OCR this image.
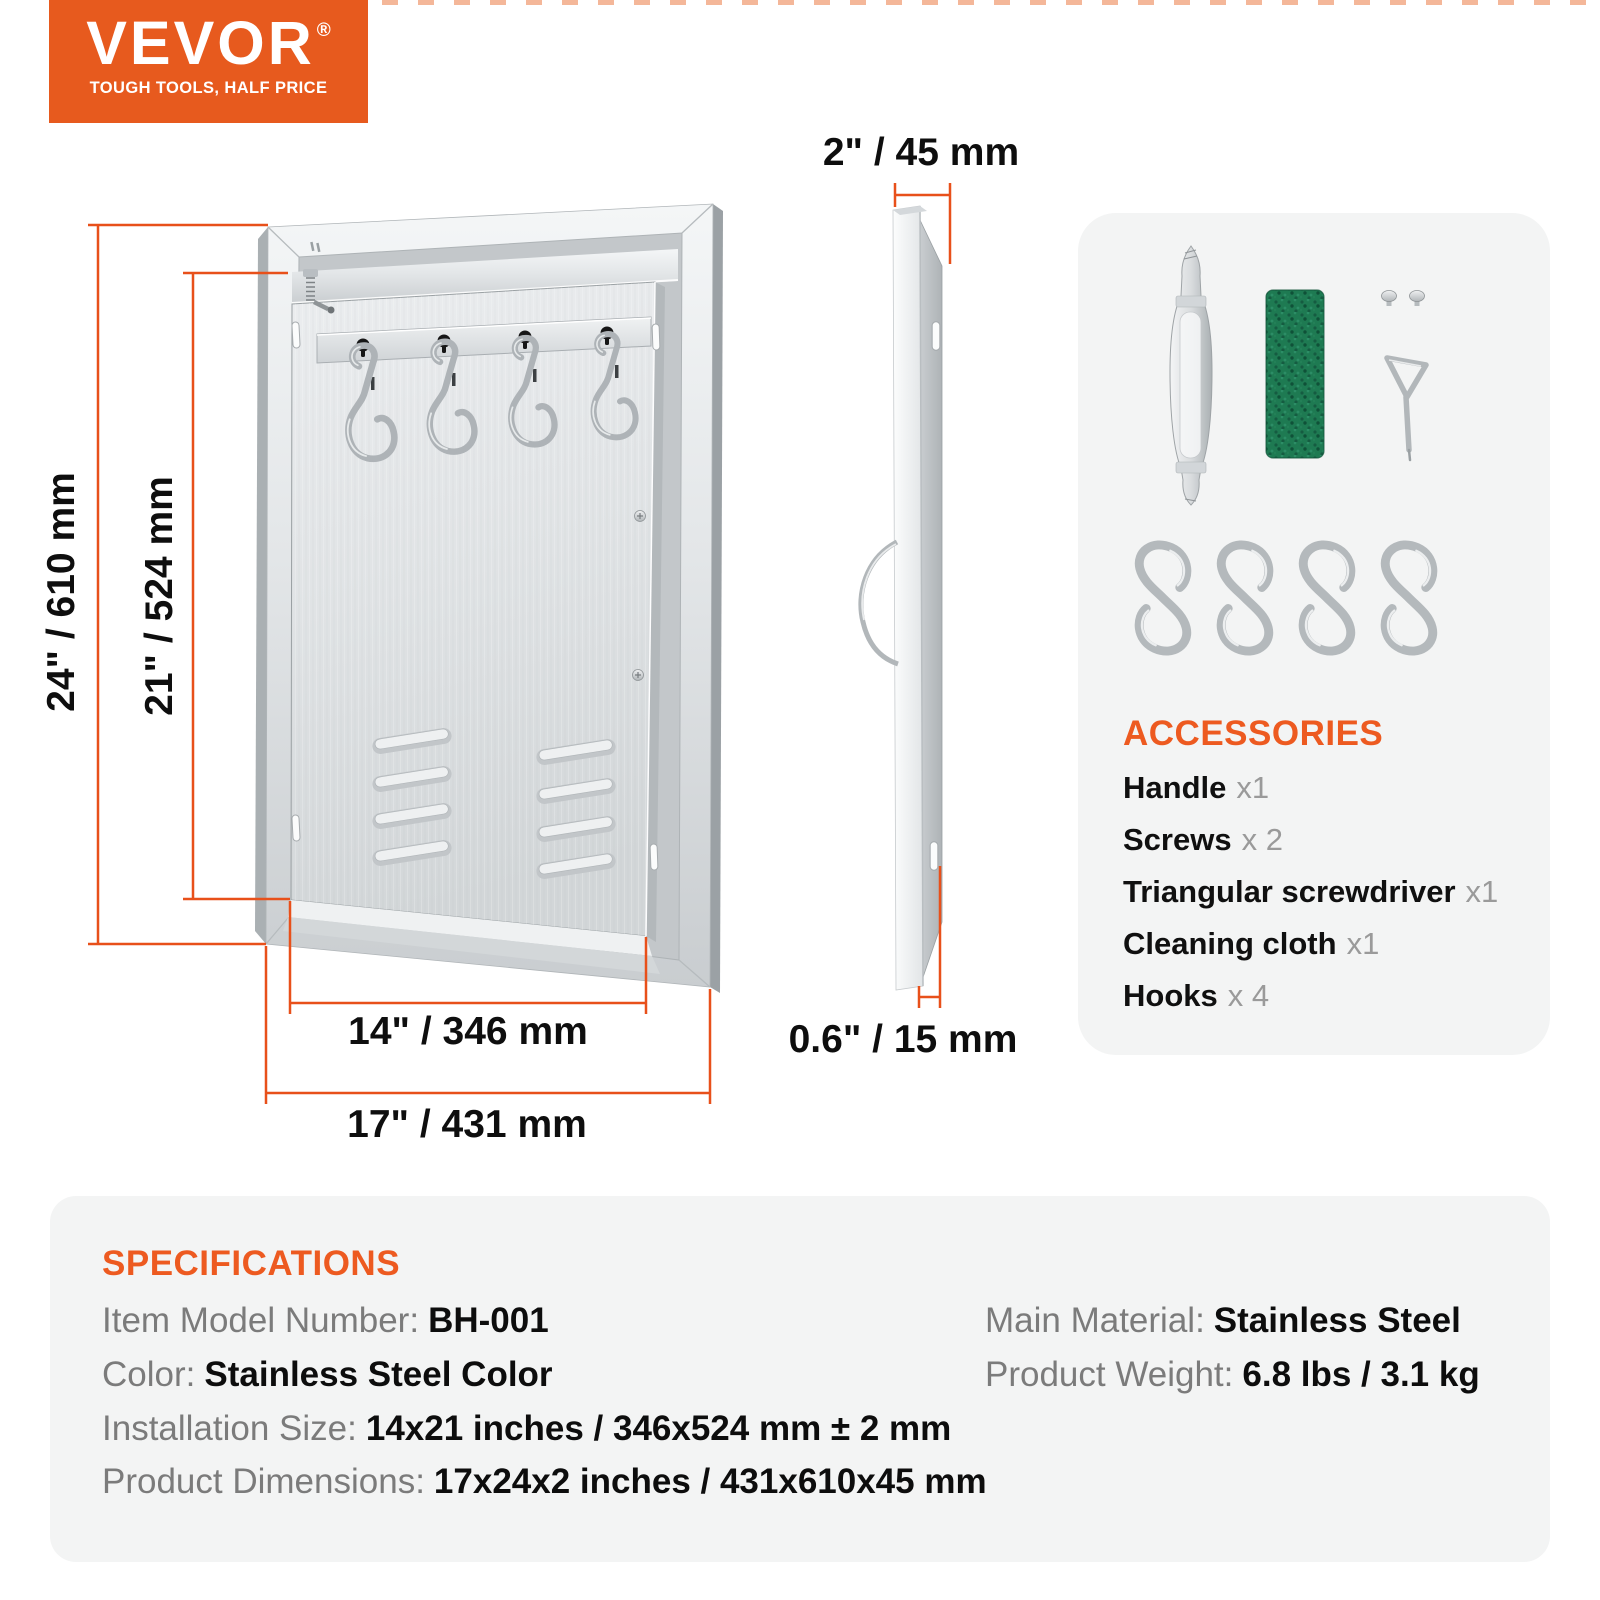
VEVOR ®
TOUGH TOOLS, HALF PRICE
24" / 610 mm 21" / 524 mm
14" / 346 mm
17" / 431 mm
2" / 45 mm
0.6" / 15 mm
ACCESSORIES
Handle x1
Screws x 2
Triangular screwdriver x1
Cleaning cloth x1
Hooks x 4
SPECIFICATIONS
Item Model Number: BH-001
Color: Stainless Steel Color
Installation Size: 14x21 inches / 346x524 mm ± 2 mm
Product Dimensions: 17x24x2 inches / 431x610x45 mm
Main Material: Stainless Steel
Product Weight: 6.8 lbs / 3.1 kg
